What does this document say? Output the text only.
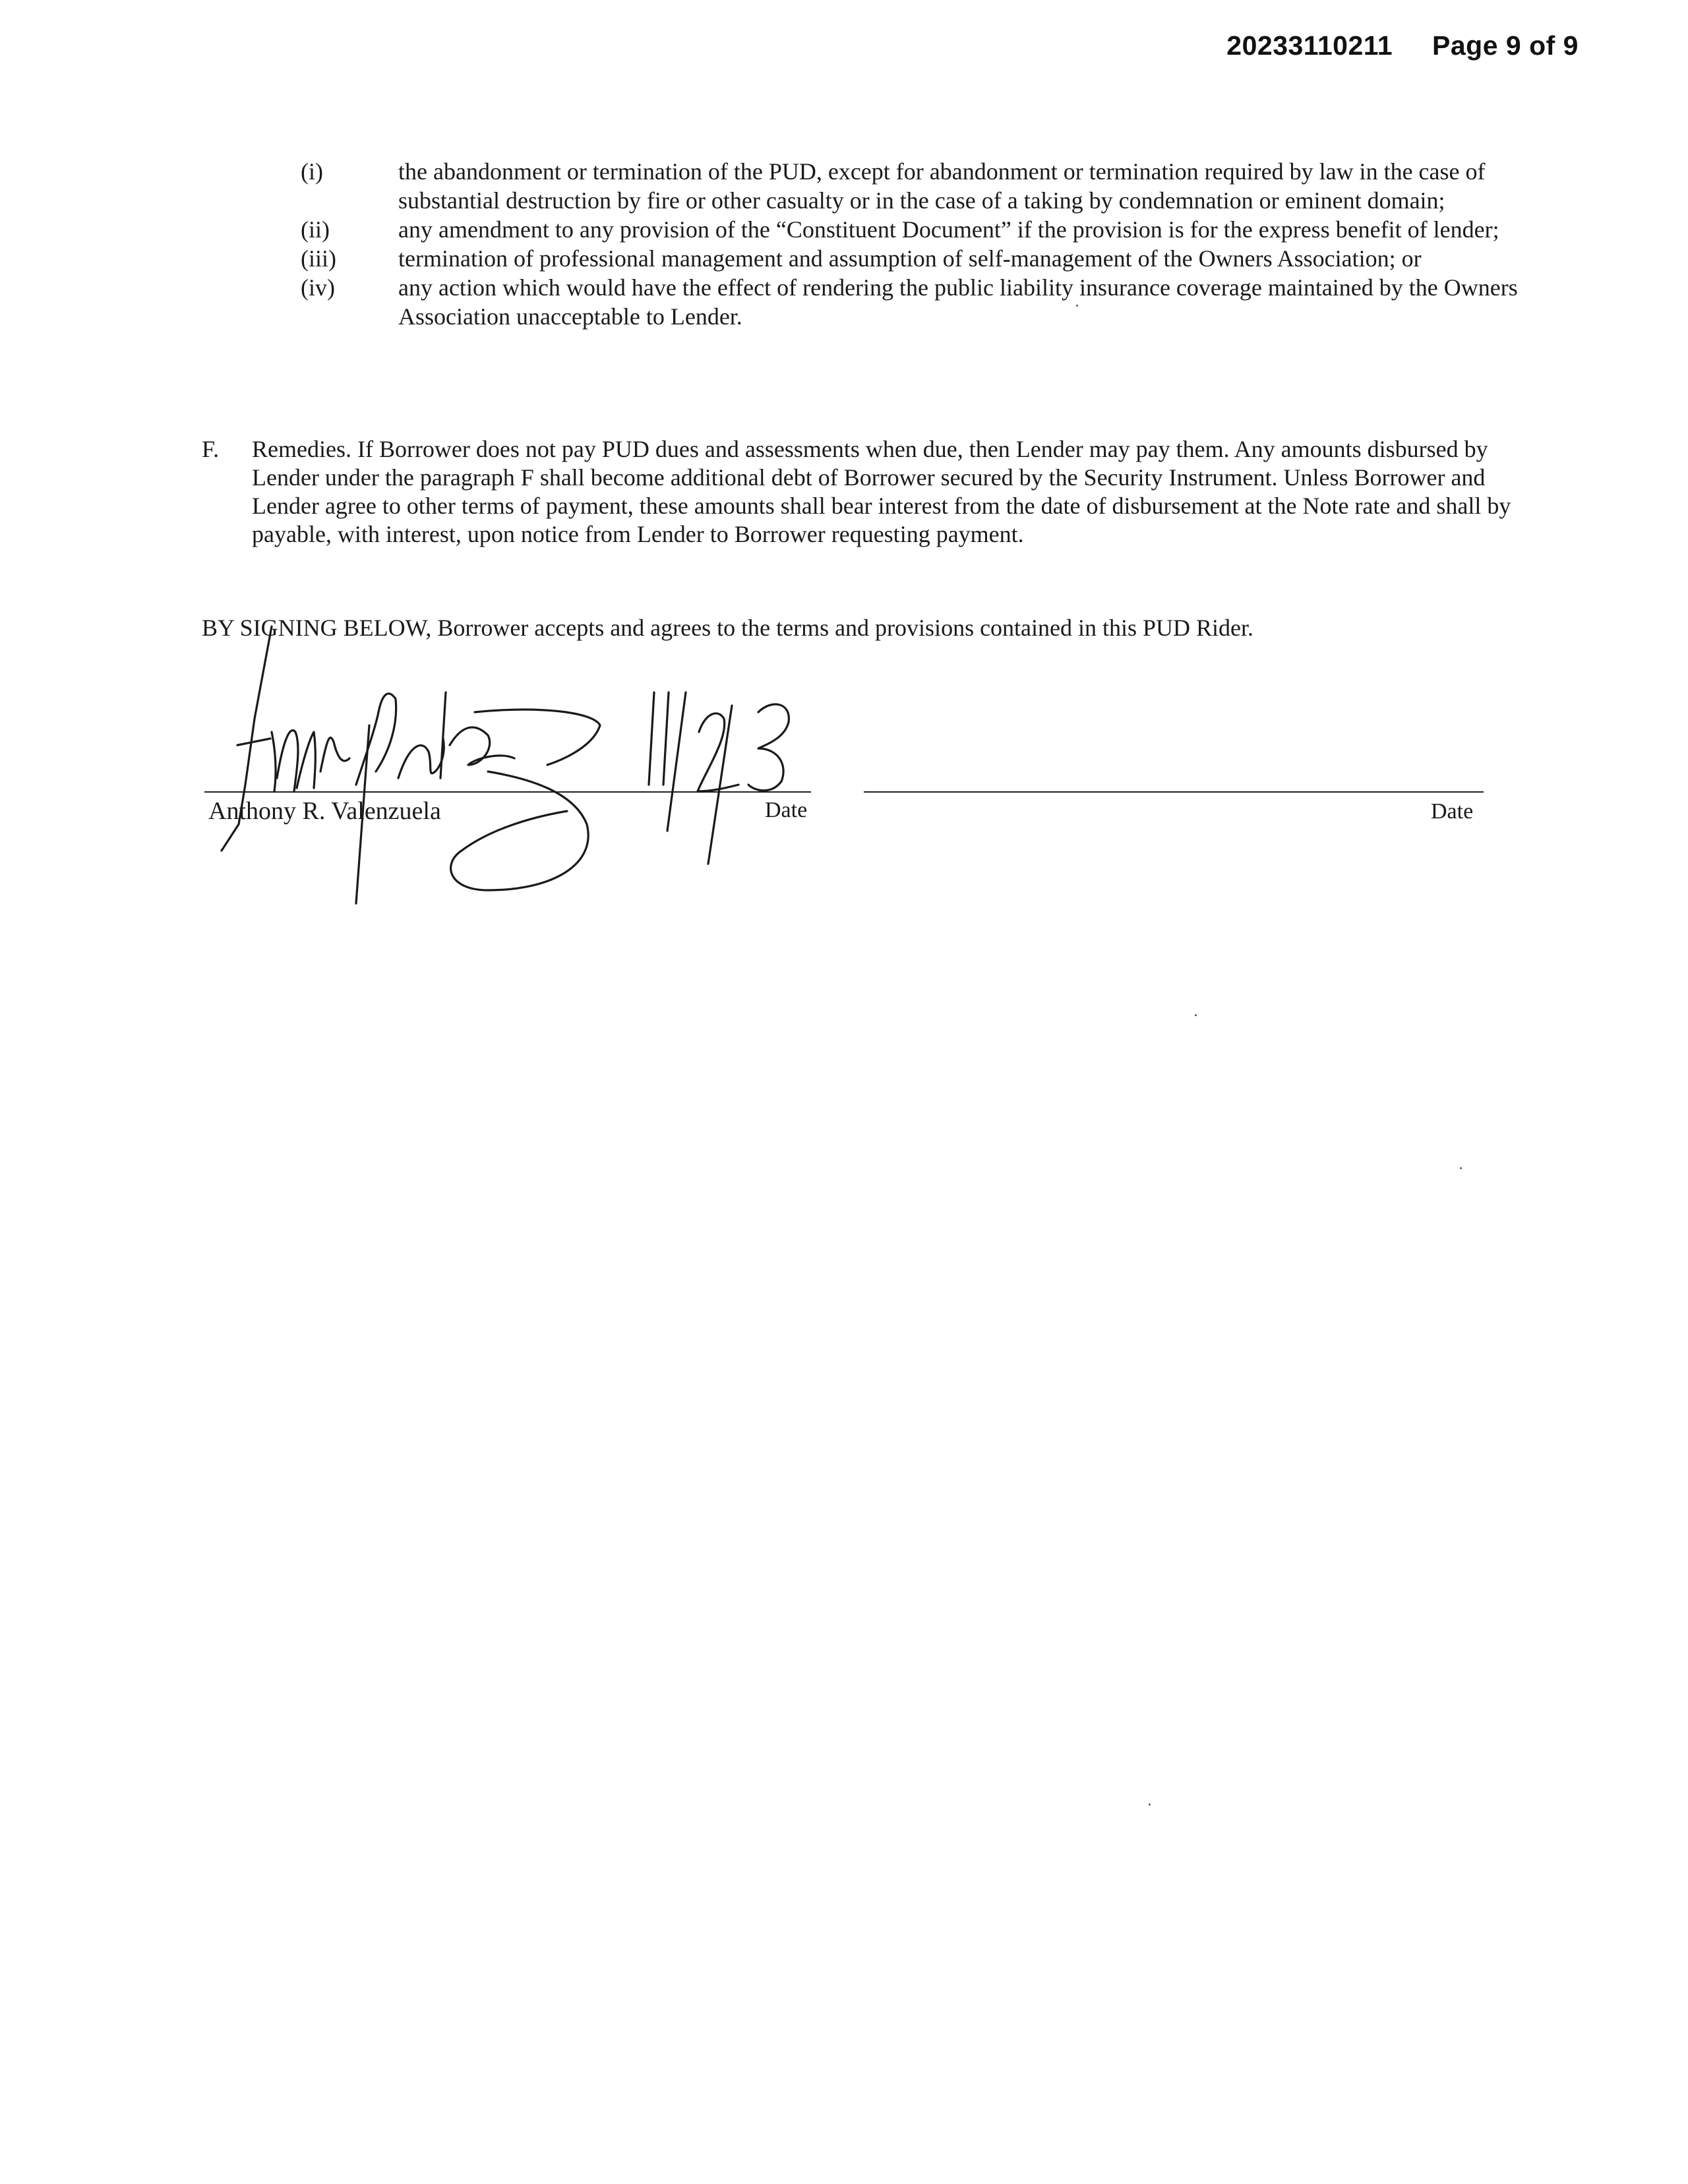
20233110211 Page 9 of 9
(i)	the abandonment or termination of the PUD, except for abandonment or termination required by law in the case of substantial destruction by fire or other casualty or in the case of a taking by condemnation or eminent domain;
(ii)	any amendment to any provision of the “Constituent Document” if the provision is for the express benefit of lender;
(iii)	termination of professional management and assumption of self-management of the Owners Association; or
(iv)	any action which would have the effect of rendering the public liability insurance coverage maintained by the Owners Association unacceptable to Lender.
F.	Remedies. If Borrower does not pay PUD dues and assessments when due, then Lender may pay them. Any amounts disbursed by Lender under the paragraph F shall become additional debt of Borrower secured by the Security Instrument. Unless Borrower and Lender agree to other terms of payment, these amounts shall bear interest from the date of disbursement at the Note rate and shall by payable, with interest, upon notice from Lender to Borrower requesting payment.
BY SIGNING BELOW, Borrower accepts and agrees to the terms and provisions contained in this PUD Rider.
Anthony R. Valenzuela	Date	Date
